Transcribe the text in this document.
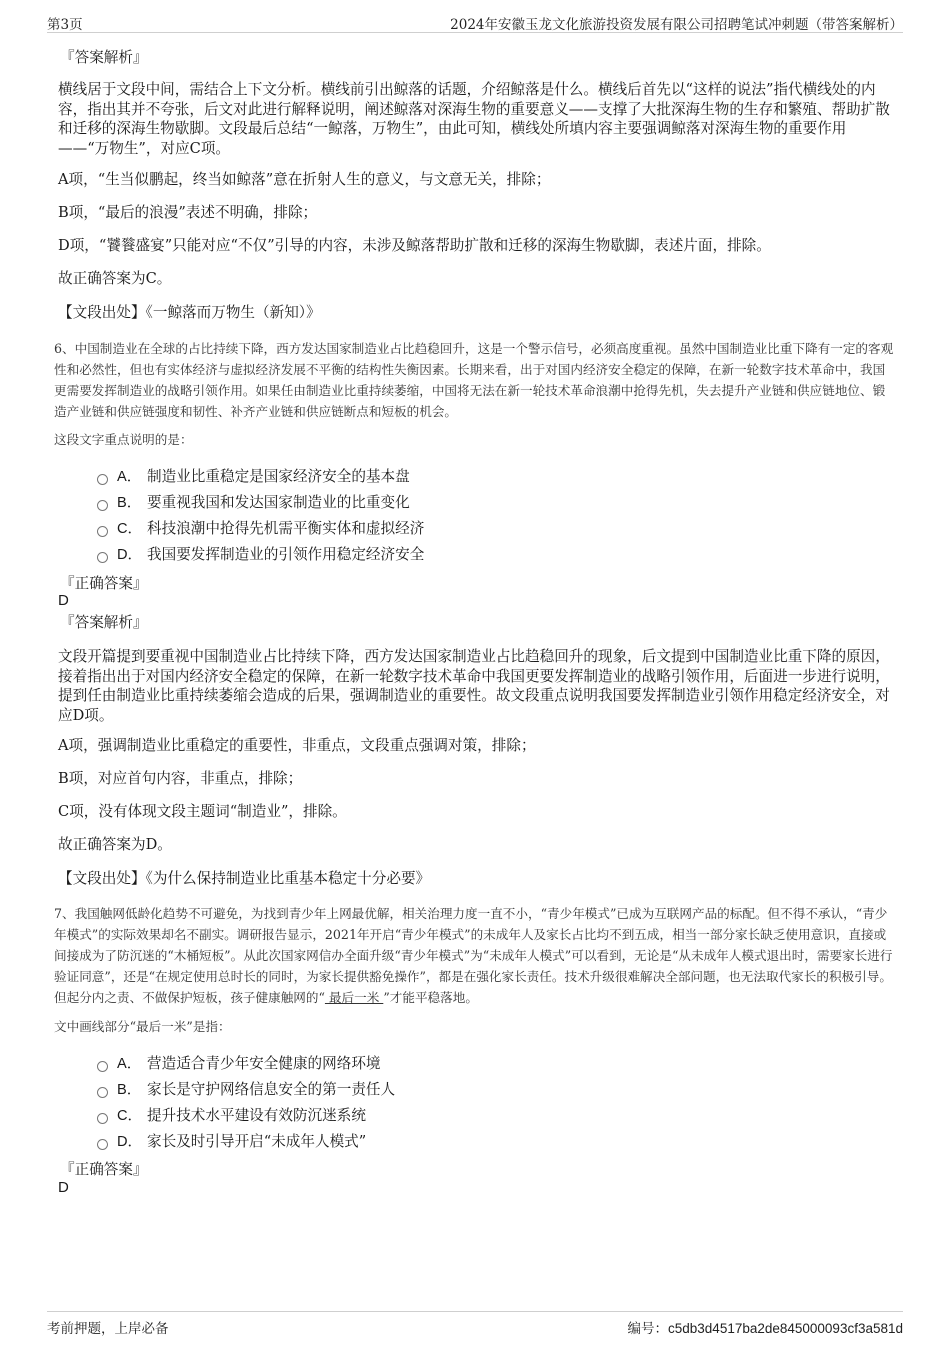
第3页	2024年安徽玉龙文化旅游投资发展有限公司招聘笔试冲刺题（带答案解析）
『答案解析』

横线居于文段中间，需结合上下文分析。横线前引出鲸落的话题，介绍鲸落是什么。横线后首先以“这样的说法”指代横线处的内容，指出其并不夸张，后文对此进行解释说明，阐述鲸落对深海生物的重要意义——支撑了大批深海生物的生存和繁殖、帮助扩散和迁移的深海生物歇脚。文段最后总结“一鲸落，万物生”，由此可知，横线处所填内容主要强调鲸落对深海生物的重要作用——“万物生”，对应C项。

A项，“生当似鹏起，终当如鲸落”意在折射人生的意义，与文意无关，排除；

B项，“最后的浪漫”表述不明确，排除；

D项，“饕餮盛宴”只能对应“不仅”引导的内容，未涉及鲸落帮助扩散和迁移的深海生物歇脚，表述片面，排除。

故正确答案为C。

【文段出处】《一鲸落而万物生（新知）》

6、中国制造业在全球的占比持续下降，西方发达国家制造业占比趋稳回升，这是一个警示信号，必须高度重视。虽然中国制造业比重下降有一定的客观性和必然性，但也有实体经济与虚拟经济发展不平衡的结构性失衡因素。长期来看，出于对国内经济安全稳定的保障，在新一轮数字技术革命中，我国更需要发挥制造业的战略引领作用。如果任由制造业比重持续萎缩，中国将无法在新一轮技术革命浪潮中抢得先机，失去提升产业链和供应链地位、锻造产业链和供应链强度和韧性、补齐产业链和供应链断点和短板的机会。

这段文字重点说明的是：

A． 制造业比重稳定是国家经济安全的基本盘
B． 要重视我国和发达国家制造业的比重变化
C． 科技浪潮中抢得先机需平衡实体和虚拟经济
D． 我国要发挥制造业的引领作用稳定经济安全
『正确答案』
D
『答案解析』

文段开篇提到要重视中国制造业占比持续下降，西方发达国家制造业占比趋稳回升的现象，后文提到中国制造业比重下降的原因，接着指出出于对国内经济安全稳定的保障，在新一轮数字技术革命中我国更要发挥制造业的战略引领作用，后面进一步进行说明，提到任由制造业比重持续萎缩会造成的后果，强调制造业的重要性。故文段重点说明我国要发挥制造业引领作用稳定经济安全，对应D项。

A项，强调制造业比重稳定的重要性，非重点，文段重点强调对策，排除；

B项，对应首句内容，非重点，排除；

C项，没有体现文段主题词“制造业”，排除。

故正确答案为D。

【文段出处】《为什么保持制造业比重基本稳定十分必要》

7、我国触网低龄化趋势不可避免，为找到青少年上网最优解，相关治理力度一直不小，“青少年模式”已成为互联网产品的标配。但不得不承认，“青少年模式”的实际效果却名不副实。调研报告显示，2021年开启“青少年模式”的未成年人及家长占比均不到五成，相当一部分家长缺乏使用意识，直接或间接成为了防沉迷的“木桶短板”。从此次国家网信办全面升级“青少年模式”为“未成年人模式”可以看到，无论是“从未成年人模式退出时，需要家长进行验证同意”，还是“在规定使用总时长的同时，为家长提供豁免操作”，都是在强化家长责任。技术升级很难解决全部问题，也无法取代家长的积极引导。但起分内之责、不做保护短板，孩子健康触网的“ 最后一米 ”才能平稳落地。

文中画线部分“最后一米”是指：

A． 营造适合青少年安全健康的网络环境
B． 家长是守护网络信息安全的第一责任人
C． 提升技术水平建设有效防沉迷系统
D． 家长及时引导开启“未成年人模式”
『正确答案』
D
考前押题，上岸必备	编号：c5db3d4517ba2de845000093cf3a581d
